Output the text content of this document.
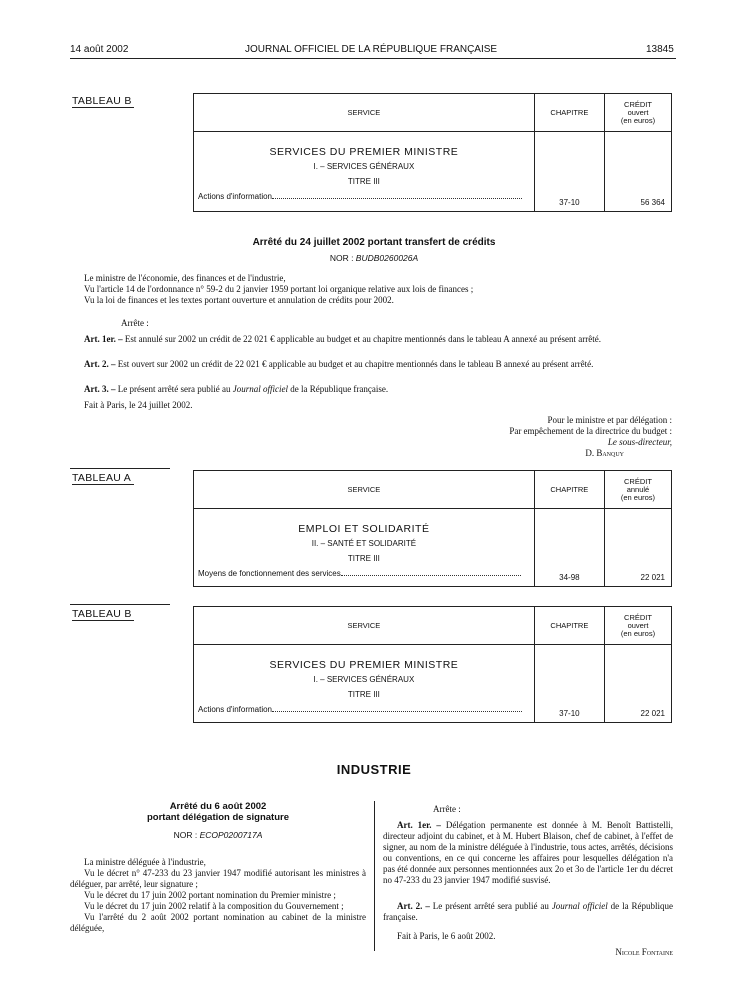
14 août 2002	JOURNAL OFFICIEL DE LA RÉPUBLIQUE FRANÇAISE	13845
TABLEAU B
SERVICE	CHAPITRE	CRÉDIT
ouvert
(en euros)

SERVICES DU PREMIER MINISTRE
I. – SERVICES GÉNÉRAUX
TITRE III
Actions d'information	37-10	56 364
Arrêté du 24 juillet 2002 portant transfert de crédits
NOR : BUDB0260026A
Le ministre de l'économie, des finances et de l'industrie,
Vu l'article 14 de l'ordonnance n° 59-2 du 2 janvier 1959 portant loi organique relative aux lois de finances ;
Vu la loi de finances et les textes portant ouverture et annulation de crédits pour 2002.
Arrête :
Art. 1er. – Est annulé sur 2002 un crédit de 22 021 € applicable au budget et au chapitre mentionnés dans le tableau A annexé au présent arrêté.
Art. 2. – Est ouvert sur 2002 un crédit de 22 021 € applicable au budget et au chapitre mentionnés dans le tableau B annexé au présent arrêté.
Art. 3. – Le présent arrêté sera publié au Journal officiel de la République française.
Fait à Paris, le 24 juillet 2002.
Pour le ministre et par délégation :
Par empêchement de la directrice du budget :
Le sous-directeur,
D. Banquy
TABLEAU A
SERVICE	CHAPITRE	CRÉDIT
annulé
(en euros)

EMPLOI ET SOLIDARITÉ
II. – SANTÉ ET SOLIDARITÉ
TITRE III
Moyens de fonctionnement des services	34-98	22 021
TABLEAU B
SERVICE	CHAPITRE	CRÉDIT
ouvert
(en euros)

SERVICES DU PREMIER MINISTRE
I. – SERVICES GÉNÉRAUX
TITRE III
Actions d'information	37-10	22 021
INDUSTRIE
Arrêté du 6 août 2002
portant délégation de signature
NOR : ECOP0200717A
La ministre déléguée à l'industrie,
Vu le décret n° 47-233 du 23 janvier 1947 modifié autorisant les ministres à déléguer, par arrêté, leur signature ;
Vu le décret du 17 juin 2002 portant nomination du Premier ministre ;
Vu le décret du 17 juin 2002 relatif à la composition du Gouvernement ;
Vu l'arrêté du 2 août 2002 portant nomination au cabinet de la ministre déléguée,
Arrête :
Art. 1er. – Délégation permanente est donnée à M. Benoît Battistelli, directeur adjoint du cabinet, et à M. Hubert Blaison, chef de cabinet, à l'effet de signer, au nom de la ministre déléguée à l'industrie, tous actes, arrêtés, décisions ou conventions, en ce qui concerne les affaires pour lesquelles délégation n'a pas été donnée aux personnes mentionnées aux 2o et 3o de l'article 1er du décret no 47-233 du 23 janvier 1947 modifié susvisé.
Art. 2. – Le présent arrêté sera publié au Journal officiel de la République française.
Fait à Paris, le 6 août 2002.
Nicole Fontaine
